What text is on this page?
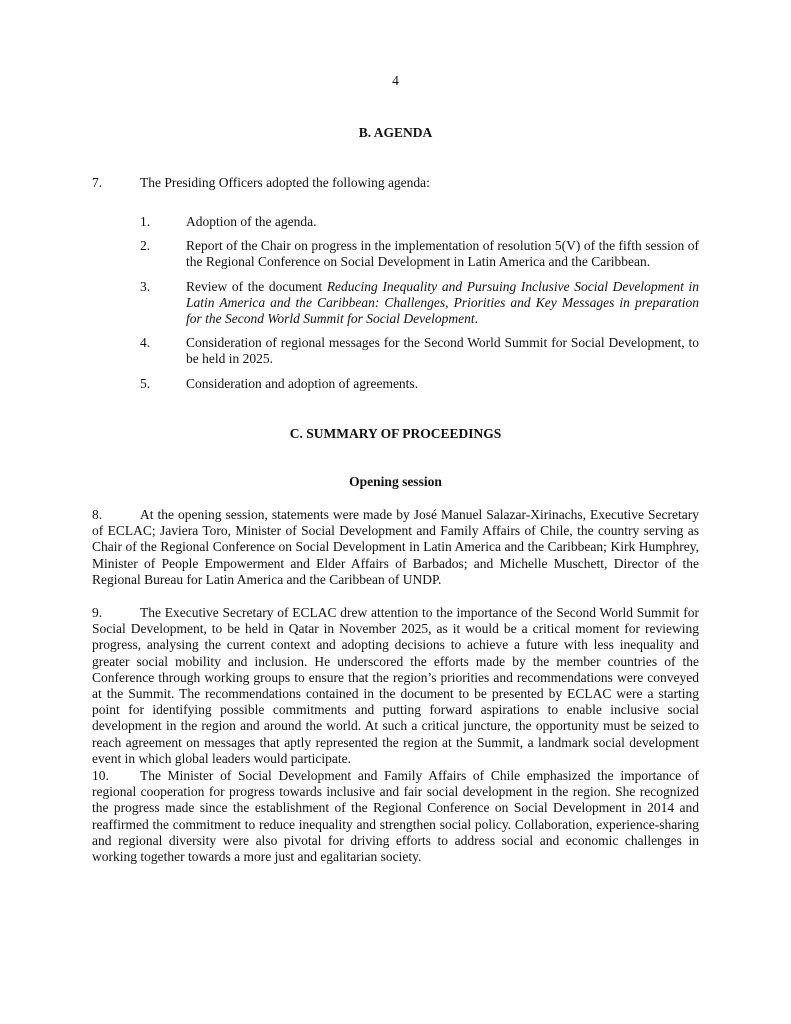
4
B. AGENDA
7.	The Presiding Officers adopted the following agenda:
1.	Adoption of the agenda.
2.	Report of the Chair on progress in the implementation of resolution 5(V) of the fifth session of the Regional Conference on Social Development in Latin America and the Caribbean.
3.	Review of the document Reducing Inequality and Pursuing Inclusive Social Development in Latin America and the Caribbean: Challenges, Priorities and Key Messages in preparation for the Second World Summit for Social Development.
4.	Consideration of regional messages for the Second World Summit for Social Development, to be held in 2025.
5.	Consideration and adoption of agreements.
C. SUMMARY OF PROCEEDINGS
Opening session
8.	At the opening session, statements were made by José Manuel Salazar-Xirinachs, Executive Secretary of ECLAC; Javiera Toro, Minister of Social Development and Family Affairs of Chile, the country serving as Chair of the Regional Conference on Social Development in Latin America and the Caribbean; Kirk Humphrey, Minister of People Empowerment and Elder Affairs of Barbados; and Michelle Muschett, Director of the Regional Bureau for Latin America and the Caribbean of UNDP.
9.	The Executive Secretary of ECLAC drew attention to the importance of the Second World Summit for Social Development, to be held in Qatar in November 2025, as it would be a critical moment for reviewing progress, analysing the current context and adopting decisions to achieve a future with less inequality and greater social mobility and inclusion. He underscored the efforts made by the member countries of the Conference through working groups to ensure that the region’s priorities and recommendations were conveyed at the Summit. The recommendations contained in the document to be presented by ECLAC were a starting point for identifying possible commitments and putting forward aspirations to enable inclusive social development in the region and around the world. At such a critical juncture, the opportunity must be seized to reach agreement on messages that aptly represented the region at the Summit, a landmark social development event in which global leaders would participate.
10. The Minister of Social Development and Family Affairs of Chile emphasized the importance of regional cooperation for progress towards inclusive and fair social development in the region. She recognized the progress made since the establishment of the Regional Conference on Social Development in 2014 and reaffirmed the commitment to reduce inequality and strengthen social policy. Collaboration, experience-sharing and regional diversity were also pivotal for driving efforts to address social and economic challenges in working together towards a more just and egalitarian society.
